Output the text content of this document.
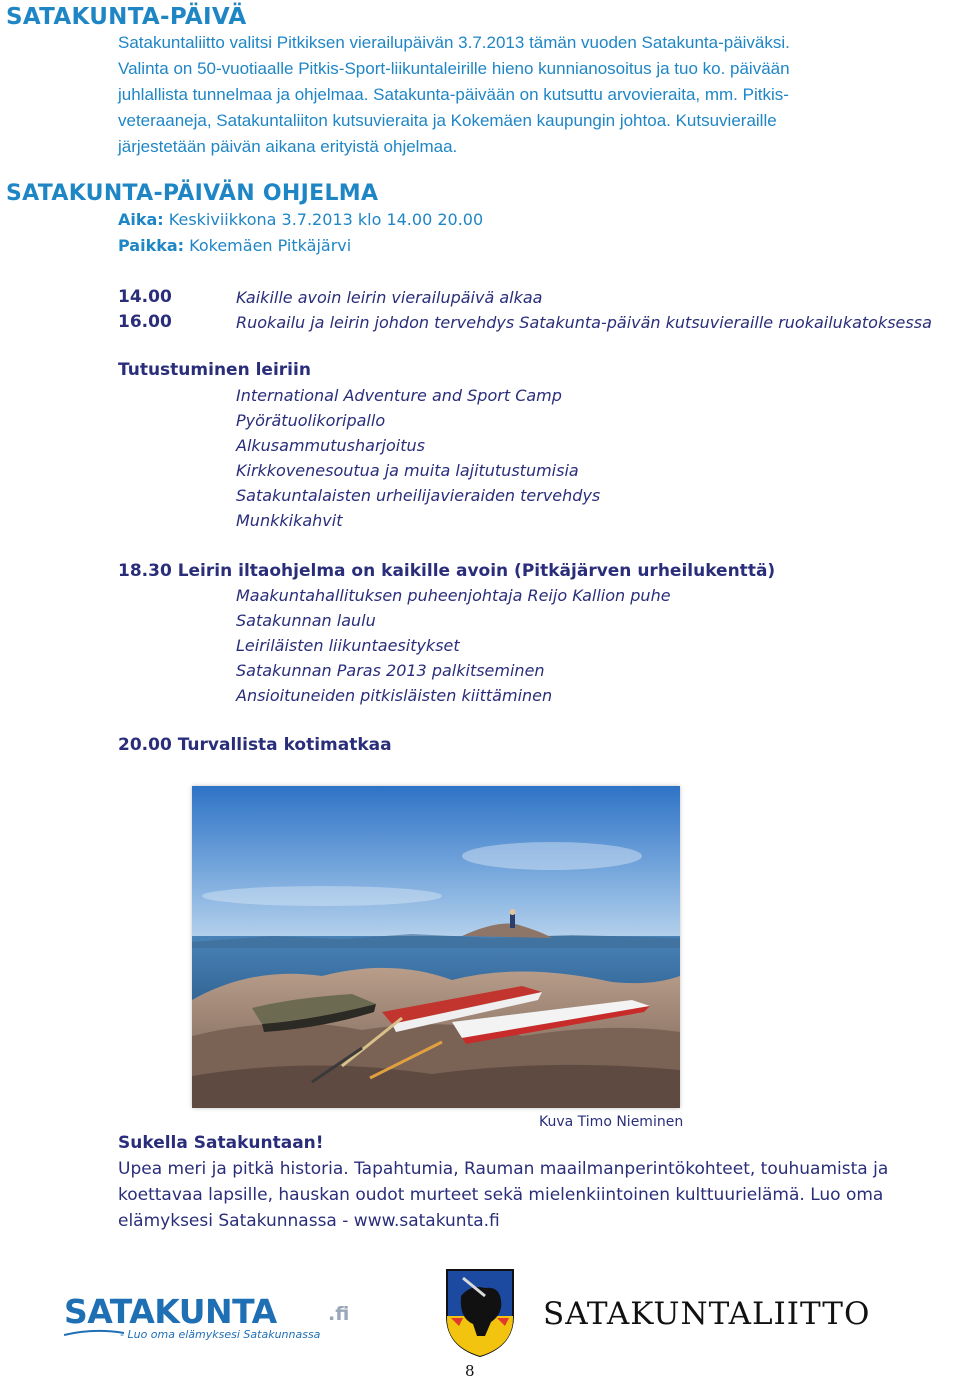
SATAKUNTA-PÄIVÄ
Satakuntaliitto valitsi Pitkiksen vierailupäivän 3.7.2013 tämän vuoden Satakunta-päiväksi.
Valinta on 50-vuotiaalle Pitkis-Sport-liikuntaleirille hieno kunnianosoitus ja tuo ko. päivään
juhlallista tunnelmaa ja ohjelmaa. Satakunta-päivään on kutsuttu arvovieraita, mm. Pitkis-
veteraaneja, Satakuntaliiton kutsuvieraita ja Kokemäen kaupungin johtoa. Kutsuvieraille
järjestetään päivän aikana erityistä ohjelmaa.
SATAKUNTA-PÄIVÄN OHJELMA
Aika: Keskiviikkona 3.7.2013 klo 14.00 20.00
Paikka: Kokemäen Pitkäjärvi
14.00	Kaikille avoin leirin vierailupäivä alkaa
16.00	Ruokailu ja leirin johdon tervehdys Satakunta-päivän kutsuvieraille ruokailukatoksessa
Tutustuminen leiriin
International Adventure and Sport Camp
Pyörätuolikoripallo
Alkusammutusharjoitus
Kirkkovenesoutua ja muita lajitutustumisia
Satakuntalaisten urheilijavieraiden tervehdys
Munkkikahvit
18.30 Leirin iltaohjelma on kaikille avoin (Pitkäjärven urheilukenttä)
Maakuntahallituksen puheenjohtaja Reijo Kallion puhe
Satakunnan laulu
Leiriläisten liikuntaesitykset
Satakunnan Paras 2013 palkitseminen
Ansioituneiden pitkisläisten kiittäminen
20.00 Turvallista kotimatkaa
Kuva Timo Nieminen
Sukella Satakuntaan!
Upea meri ja pitkä historia. Tapahtumia, Rauman maailmanperintökohteet, touhuamista ja
koettavaa lapsille, hauskan oudot murteet sekä mielenkiintoinen kulttuurielämä. Luo oma
elämyksesi Satakunnassa - www.satakunta.fi
SATAKUNTA	.fi
- Luo oma elämyksesi Satakunnassa
SATAKUNTALIITTO
8
